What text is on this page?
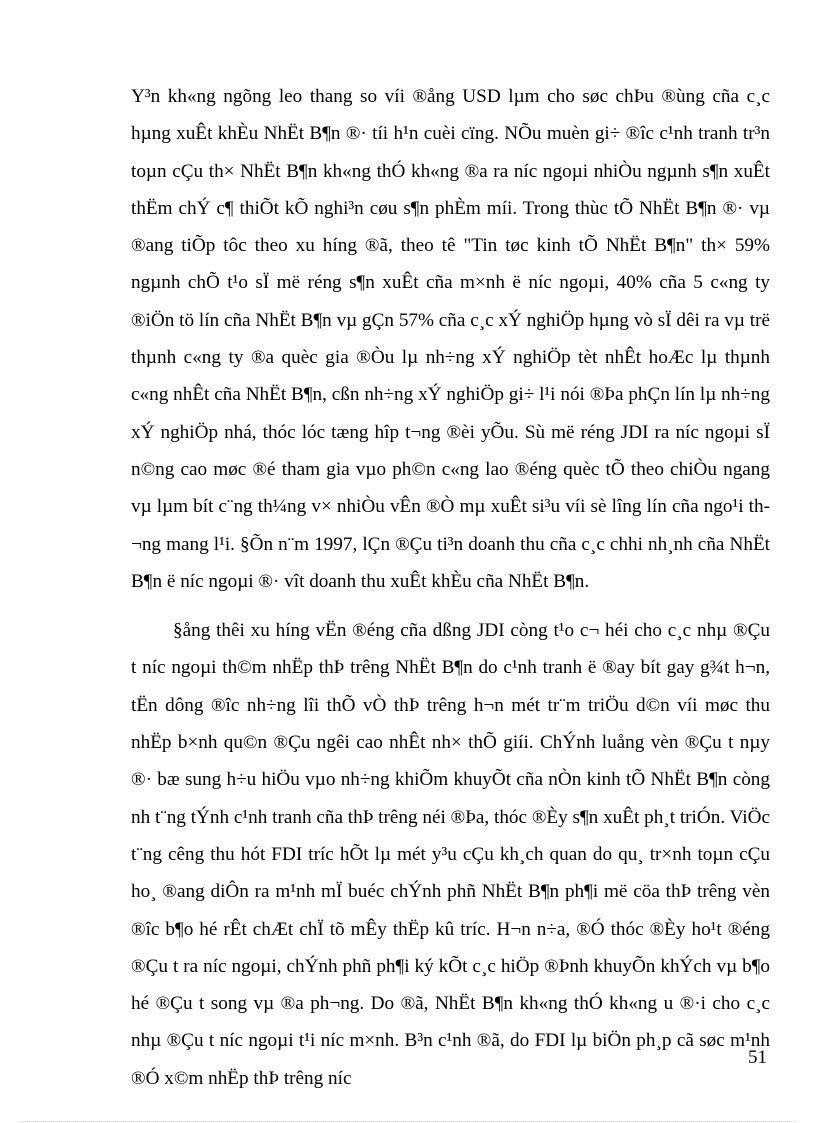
Y³n kh«ng ngõng leo thang so víi ®ång USD lµm cho søc chÞu ®ùng cña c¸c hµng xuÊt khÈu NhËt B¶n ®· tíi h¹n cuèi cïng. NÕu muèn gi÷ ®îc c¹nh tranh tr³n toµn cÇu th× NhËt B¶n kh«ng thÓ kh«ng ®a ra níc ngoµi nhiÒu ngµnh s¶n xuÊt thËm chÝ c¶ thiÕt kÕ nghi³n cøu s¶n phÈm míi. Trong thùc tÕ NhËt B¶n ®· vµ ®ang tiÕp tôc theo xu híng ®ã, theo tê "Tin tøc kinh tÕ NhËt B¶n" th× 59% ngµnh chÕ t¹o sÏ më réng s¶n xuÊt cña m×nh ë níc ngoµi, 40% cña 5 c«ng ty ®iÖn tö lín cña NhËt B¶n vµ gÇn 57% cña c¸c xÝ nghiÖp hµng vò sÏ dêi ra vµ trë thµnh c«ng ty ®a quèc gia ®Òu lµ nh÷ng xÝ nghiÖp tèt nhÊt hoÆc lµ thµnh c«ng nhÊt cña NhËt B¶n, cßn nh÷ng xÝ nghiÖp gi÷ l¹i nói ®Þa phÇn lín lµ nh÷ng xÝ nghiÖp nhá, thóc lóc tæng hîp t¬ng ®èi yÕu. Sù më réng JDI ra níc ngoµi sÏ n©ng cao møc ®é tham gia vµo ph©n c«ng lao ®éng quèc tÕ theo chiÒu ngang vµ lµm bít c¨ng th¼ng v× nhiÒu vÊn ®Ò mµ xuÊt si³u víi sè lîng lín cña ngo¹i th¬ng mang l¹i. §Õn n¨m 1997, lÇn ®Çu ti³n doanh thu cña c¸c chhi nh¸nh cña NhËt B¶n ë níc ngoµi ®· vît doanh thu xuÊt khÈu cña NhËt B¶n.

§ång thêi xu híng vËn ®éng cña dßng JDI còng t¹o c¬ héi cho c¸c nhµ ®Çu t níc ngoµi th©m nhËp thÞ trêng NhËt B¶n do c¹nh tranh ë ®ay bít gay g¾t h¬n, tËn dông ®îc nh÷ng lîi thÕ vÒ thÞ trêng h¬n mét tr¨m triÖu d©n víi møc thu nhËp b×nh qu©n ®Çu ngêi cao nhÊt nh× thÕ giíi. ChÝnh luång vèn ®Çu t nµy ®· bæ sung h÷u hiÖu vµo nh÷ng khiÕm khuyÕt cña nÒn kinh tÕ NhËt B¶n còng nh t¨ng tÝnh c¹nh tranh cña thÞ trêng néi ®Þa, thóc ®Èy s¶n xuÊt ph¸t triÓn. ViÖc t¨ng cêng thu hót FDI tríc hÕt lµ mét y³u cÇu kh¸ch quan do qu¸ tr×nh toµn cÇu ho¸ ®ang diÔn ra m¹nh mÏ buéc chÝnh phñ NhËt B¶n ph¶i më cöa thÞ trêng vèn ®îc b¶o hé rÊt chÆt chÏ tõ mÊy thËp kû tríc. H¬n n÷a, ®Ó thóc ®Èy ho¹t ®éng ®Çu t ra níc ngoµi, chÝnh phñ ph¶i ký kÕt c¸c hiÖp ®Þnh khuyÕn khÝch vµ b¶o hé ®Çu t song vµ ®a ph¬ng. Do ®ã, NhËt B¶n kh«ng thÓ kh«ng u ®·i cho c¸c nhµ ®Çu t níc ngoµi t¹i níc m×nh. B³n c¹nh ®ã, do FDI lµ biÖn ph¸p cã søc m¹nh ®Ó x©m nhËp thÞ trêng níc

51
